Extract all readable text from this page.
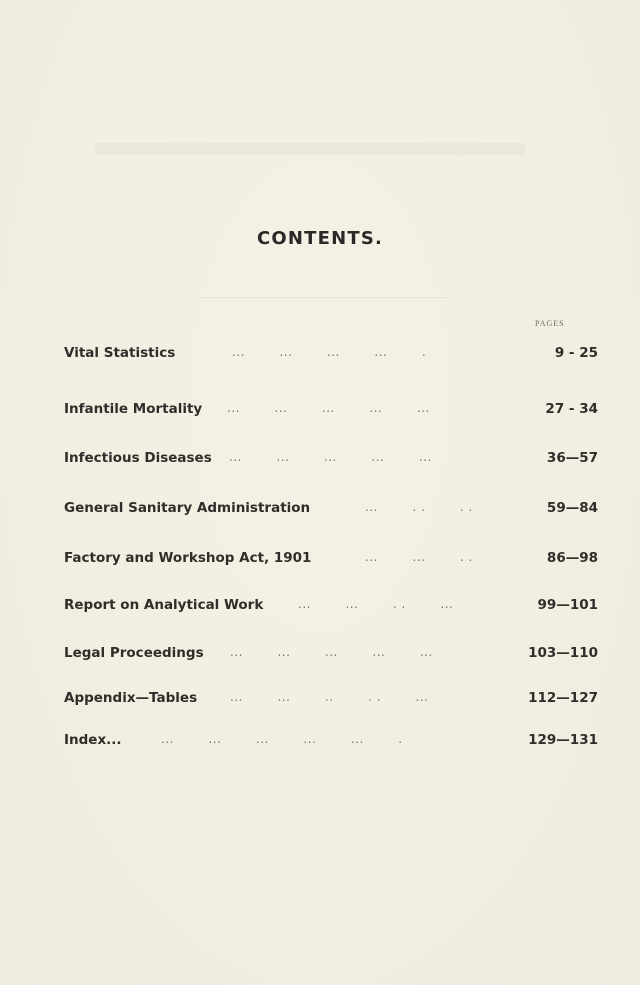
CONTENTS.
PAGES
Vital Statistics	...        ...        ...        ...        .	9 - 25
Infantile Mortality ...        ...        ...        ...        ...	27 - 34
Infectious Diseases ...        ...        ...        ...        ...	36—57
General Sanitary Administration	...        . .        . .	59—84
Factory and Workshop Act, 1901	...        ...        . .	86—98
Report on Analytical Work	...        ...        . .        ...	99—101
Legal Proceedings ...        ...        ...        ...        ...	103—110
Appendix—Tables	...        ...        ..        . .        ...	112—127
Index...	...        ...        ...        ...        ...        .	129—131
